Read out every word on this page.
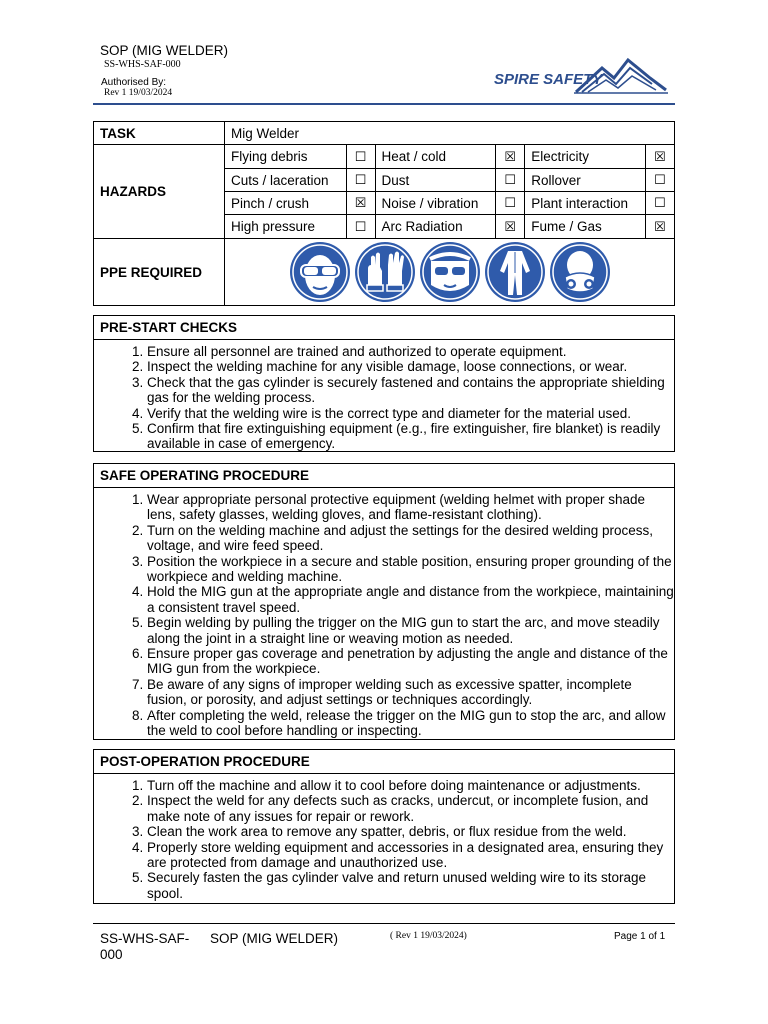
SOP (MIG WELDER)
SS-WHS-SAF-000
Authorised By:
Rev 1 19/03/2024
SPIRE SAFETY
TASK	Mig Welder					
HAZARDS	Flying debris	☐	Heat / cold	☒	Electricity	☒
	Cuts / laceration	☐	Dust	☐	Rollover	☐
	Pinch / crush	☒	Noise / vibration	☐	Plant interaction	☐
	High pressure	☐	Arc Radiation	☒	Fume / Gas	☒
PPE REQUIRED	
PRE-START CHECKS
1. Ensure all personnel are trained and authorized to operate equipment.
2. Inspect the welding machine for any visible damage, loose connections, or wear.
3. Check that the gas cylinder is securely fastened and contains the appropriate shielding gas for the welding process.
4. Verify that the welding wire is the correct type and diameter for the material used.
5. Confirm that fire extinguishing equipment (e.g., fire extinguisher, fire blanket) is readily available in case of emergency.
SAFE OPERATING PROCEDURE
1. Wear appropriate personal protective equipment (welding helmet with proper shade lens, safety glasses, welding gloves, and flame-resistant clothing).
2. Turn on the welding machine and adjust the settings for the desired welding process, voltage, and wire feed speed.
3. Position the workpiece in a secure and stable position, ensuring proper grounding of the workpiece and welding machine.
4. Hold the MIG gun at the appropriate angle and distance from the workpiece, maintaining a consistent travel speed.
5. Begin welding by pulling the trigger on the MIG gun to start the arc, and move steadily along the joint in a straight line or weaving motion as needed.
6. Ensure proper gas coverage and penetration by adjusting the angle and distance of the MIG gun from the workpiece.
7. Be aware of any signs of improper welding such as excessive spatter, incomplete fusion, or porosity, and adjust settings or techniques accordingly.
8. After completing the weld, release the trigger on the MIG gun to stop the arc, and allow the weld to cool before handling or inspecting.
POST-OPERATION PROCEDURE
1. Turn off the machine and allow it to cool before doing maintenance or adjustments.
2. Inspect the weld for any defects such as cracks, undercut, or incomplete fusion, and make note of any issues for repair or rework.
3. Clean the work area to remove any spatter, debris, or flux residue from the weld.
4. Properly store welding equipment and accessories in a designated area, ensuring they are protected from damage and unauthorized use.
5. Securely fasten the gas cylinder valve and return unused welding wire to its storage spool.
SS-WHS-SAF-000
SOP (MIG WELDER)	( Rev 1 19/03/2024)	Page 1 of 1
